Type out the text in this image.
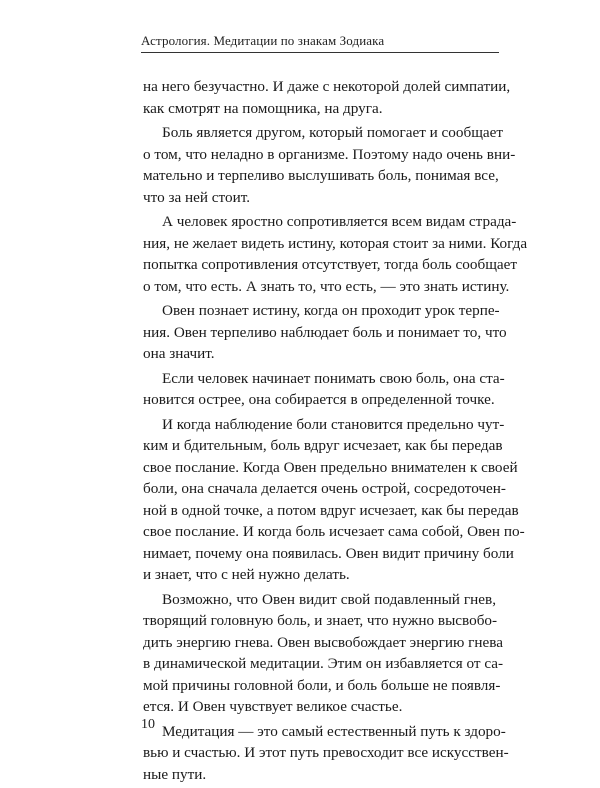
Астрология. Медитации по знакам Зодиака
на него безучастно. И даже с некоторой долей симпатии,
как смотрят на помощника, на друга.
Боль является другом, который помогает и сообщает
о том, что неладно в организме. Поэтому надо очень вни-
мательно и терпеливо выслушивать боль, понимая все,
что за ней стоит.
А человек яростно сопротивляется всем видам страда-
ния, не желает видеть истину, которая стоит за ними. Когда
попытка сопротивления отсутствует, тогда боль сообщает
о том, что есть. А знать то, что есть, — это знать истину.
Овен познает истину, когда он проходит урок терпе-
ния. Овен терпеливо наблюдает боль и понимает то, что
она значит.
Если человек начинает понимать свою боль, она ста-
новится острее, она собирается в определенной точке.
И когда наблюдение боли становится предельно чут-
ким и бдительным, боль вдруг исчезает, как бы передав
свое послание. Когда Овен предельно внимателен к своей
боли, она сначала делается очень острой, сосредоточен-
ной в одной точке, а потом вдруг исчезает, как бы передав
свое послание. И когда боль исчезает сама собой, Овен по-
нимает, почему она появилась. Овен видит причину боли
и знает, что с ней нужно делать.
Возможно, что Овен видит свой подавленный гнев,
творящий головную боль, и знает, что нужно высвобо-
дить энергию гнева. Овен высвобождает энергию гнева
в динамической медитации. Этим он избавляется от са-
мой причины головной боли, и боль больше не появля-
ется. И Овен чувствует великое счастье.
Медитация — это самый естественный путь к здоро-
вью и счастью. И этот путь превосходит все искусствен-
ные пути.
10
